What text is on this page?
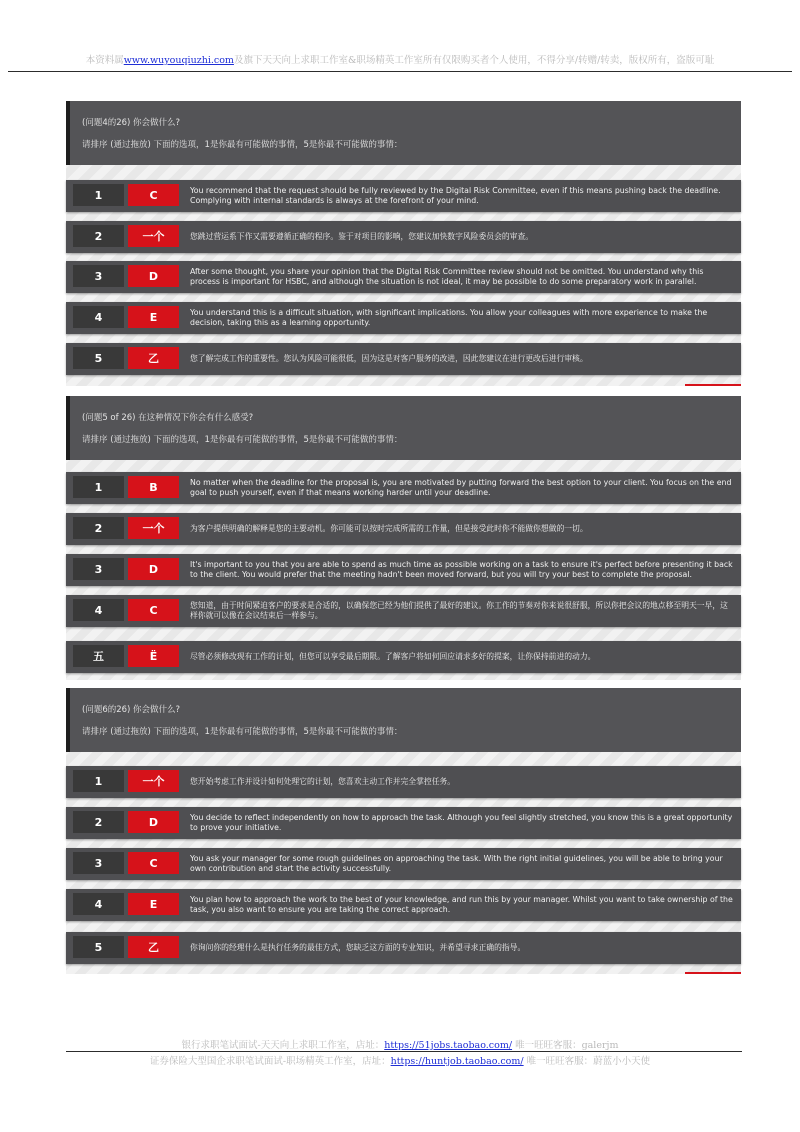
本资料属www.wuyouqiuzhi.com及旗下天天向上求职工作室&职场精英工作室所有仅限购买者个人使用，不得分享/转赠/转卖，版权所有，盗版可耻
(问题4的26) 你会做什么?
请排序 (通过拖放) 下面的选项，1是你最有可能做的事情，5是你最不可能做的事情：
1	C	You recommend that the request should be fully reviewed by the Digital Risk Committee, even if this means pushing back the deadline. Complying with internal standards is always at the forefront of your mind.
2	一个	您跳过营运系下作又需要遵循正确的程序。鉴于对项目的影响，您建议加快数字风险委员会的审查。
3	D	After some thought, you share your opinion that the Digital Risk Committee review should not be omitted. You understand why this process is important for HSBC, and although the situation is not ideal, it may be possible to do some preparatory work in parallel.
4	E	You understand this is a difficult situation, with significant implications. You allow your colleagues with more experience to make the decision, taking this as a learning opportunity.
5	乙	您了解完成工作的重要性。您认为风险可能很低，因为这是对客户服务的改进，因此您建议在进行更改后进行审核。
(问题5 of 26) 在这种情况下你会有什么感受?
请排序 (通过拖放) 下面的选项，1是你最有可能做的事情，5是你最不可能做的事情：
1	B	No matter when the deadline for the proposal is, you are motivated by putting forward the best option to your client. You focus on the end goal to push yourself, even if that means working harder until your deadline.
2	一个	为客户提供明确的解释是您的主要动机。你可能可以按时完成所需的工作量，但是接受此时你不能做你想做的一切。
3	D	It's important to you that you are able to spend as much time as possible working on a task to ensure it's perfect before presenting it back to the client. You would prefer that the meeting hadn't been moved forward, but you will try your best to complete the proposal.
4	C	您知道，由于时间紧迫客户的要求是合适的，以确保您已经为他们提供了最好的建议。你工作的节奏对你来说很舒服，所以你把会议的地点移至明天一早，这样你就可以像在会议结束后一样参与。
五	Ë	尽管必须修改现有工作的计划，但您可以享受最后期限。了解客户将如何回应请求多好的提案，让你保持前进的动力。
(问题6的26) 你会做什么?
请排序 (通过拖放) 下面的选项，1是你最有可能做的事情，5是你最不可能做的事情：
1	一个	您开始考虑工作并设计如何处理它的计划，您喜欢主动工作并完全掌控任务。
2	D	You decide to reflect independently on how to approach the task. Although you feel slightly stretched, you know this is a great opportunity to prove your initiative.
3	C	You ask your manager for some rough guidelines on approaching the task. With the right initial guidelines, you will be able to bring your own contribution and start the activity successfully.
4	E	You plan how to approach the work to the best of your knowledge, and run this by your manager. Whilst you want to take ownership of the task, you also want to ensure you are taking the correct approach.
5	乙	你询问你的经理什么是执行任务的最佳方式，您缺乏这方面的专业知识，并希望寻求正确的指导。
银行求职笔试面试-天天向上求职工作室，店址：https://51jobs.taobao.com/ 唯一旺旺客服：galerjm
证券保险大型国企求职笔试面试-职场精英工作室，店址：https://huntjob.taobao.com/ 唯一旺旺客服：蔚蓝小小天使
